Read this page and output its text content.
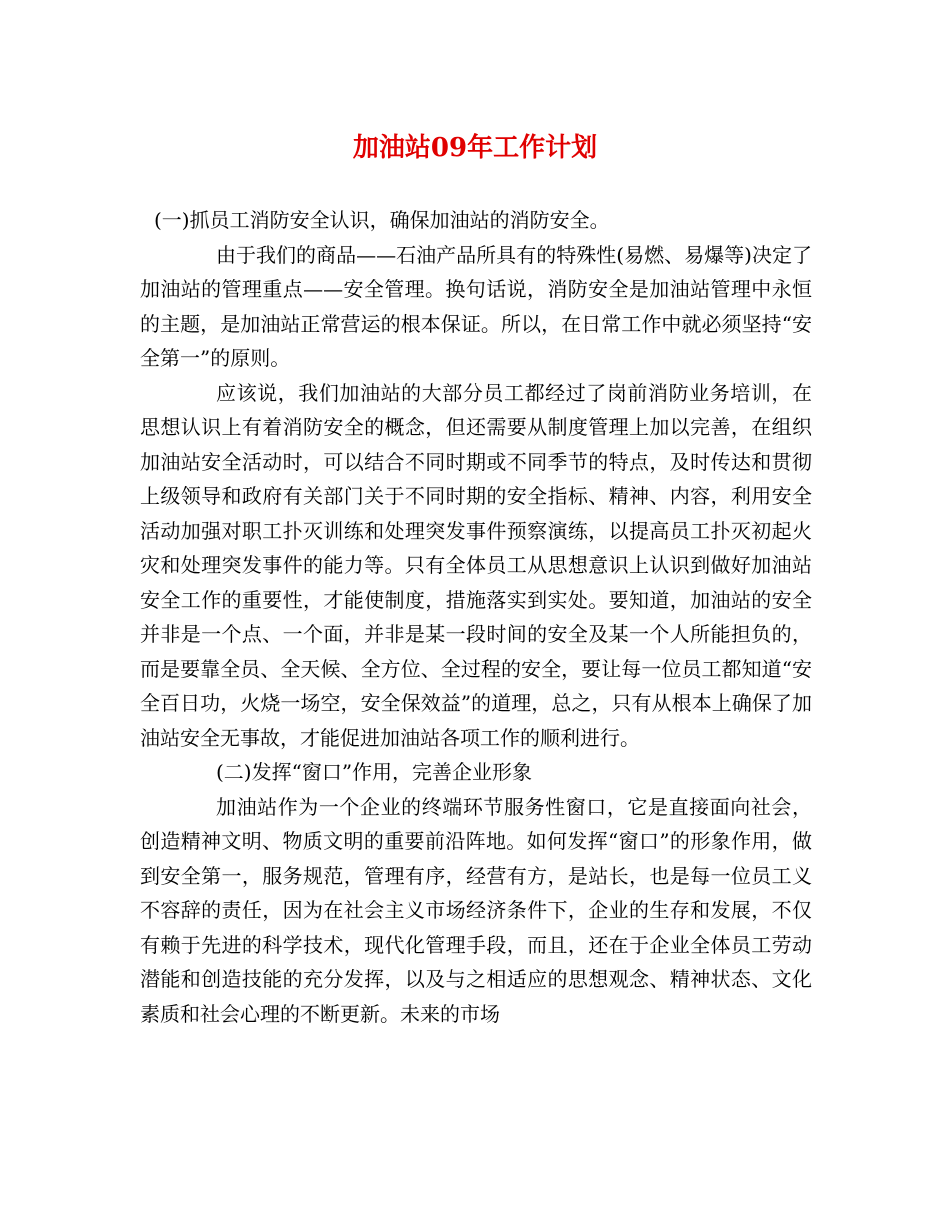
加油站09年工作计划

(一)抓员工消防安全认识，确保加油站的消防安全。

由于我们的商品——石油产品所具有的特殊性(易燃、易爆等)决定了加油站的管理重点——安全管理。换句话说，消防安全是加油站管理中永恒的主题，是加油站正常营运的根本保证。所以，在日常工作中就必须坚持“安全第一”的原则。

应该说，我们加油站的大部分员工都经过了岗前消防业务培训，在思想认识上有着消防安全的概念，但还需要从制度管理上加以完善，在组织加油站安全活动时，可以结合不同时期或不同季节的特点，及时传达和贯彻上级领导和政府有关部门关于不同时期的安全指标、精神、内容，利用安全活动加强对职工扑灭训练和处理突发事件预察演练，以提高员工扑灭初起火灾和处理突发事件的能力等。只有全体员工从思想意识上认识到做好加油站安全工作的重要性，才能使制度，措施落实到实处。要知道，加油站的安全并非是一个点、一个面，并非是某一段时间的安全及某一个人所能担负的，而是要靠全员、全天候、全方位、全过程的安全，要让每一位员工都知道“安全百日功，火烧一场空，安全保效益”的道理，总之，只有从根本上确保了加油站安全无事故，才能促进加油站各项工作的顺利进行。

(二)发挥“窗口”作用，完善企业形象

加油站作为一个企业的终端环节服务性窗口，它是直接面向社会，创造精神文明、物质文明的重要前沿阵地。如何发挥“窗口”的形象作用，做到安全第一，服务规范，管理有序，经营有方，是站长，也是每一位员工义不容辞的责任，因为在社会主义市场经济条件下，企业的生存和发展，不仅有赖于先进的科学技术，现代化管理手段，而且，还在于企业全体员工劳动潜能和创造技能的充分发挥，以及与之相适应的思想观念、精神状态、文化素质和社会心理的不断更新。未来的市场
